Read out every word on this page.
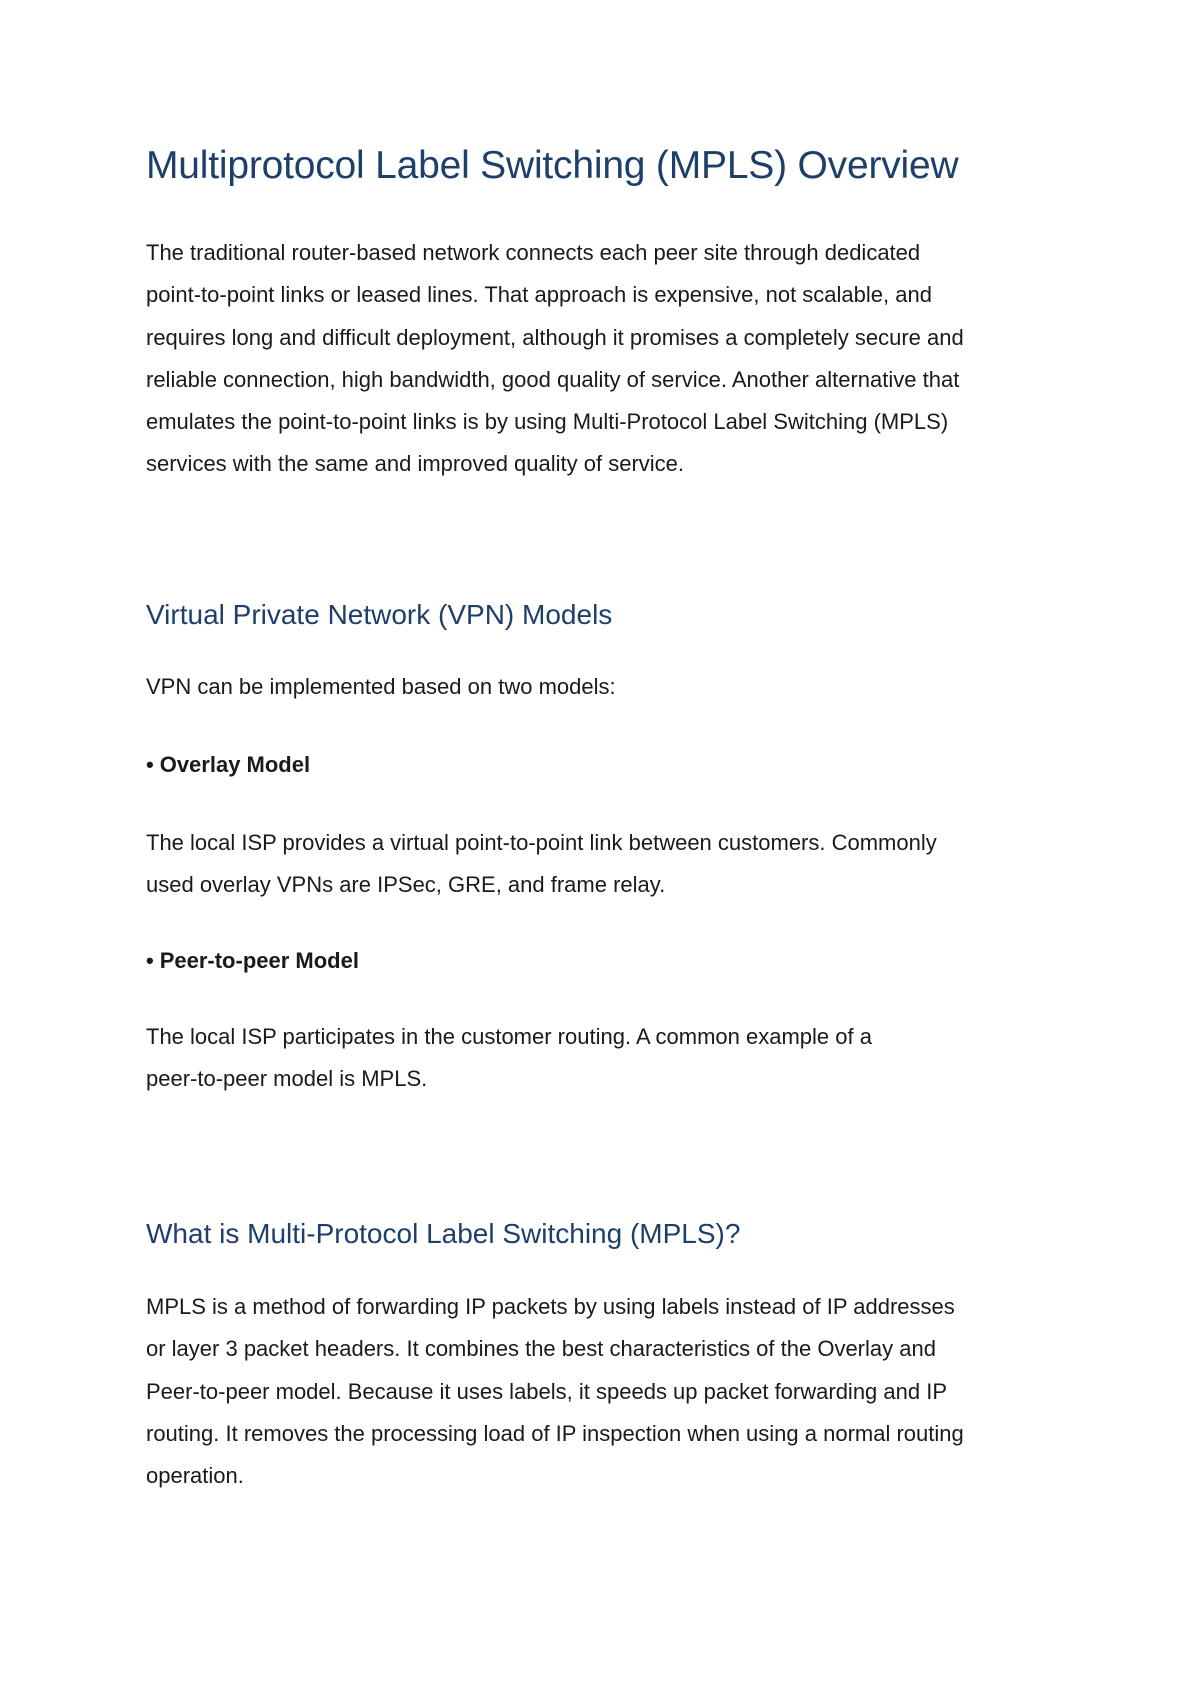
Multiprotocol Label Switching (MPLS) Overview

The traditional router-based network connects each peer site through dedicated
point-to-point links or leased lines. That approach is expensive, not scalable, and
requires long and difficult deployment, although it promises a completely secure and
reliable connection, high bandwidth, good quality of service. Another alternative that
emulates the point-to-point links is by using Multi-Protocol Label Switching (MPLS)
services with the same and improved quality of service.

Virtual Private Network (VPN) Models

VPN can be implemented based on two models:

• Overlay Model

The local ISP provides a virtual point-to-point link between customers. Commonly
used overlay VPNs are IPSec, GRE, and frame relay.

• Peer-to-peer Model

The local ISP participates in the customer routing. A common example of a
peer-to-peer model is MPLS.

What is Multi-Protocol Label Switching (MPLS)?

MPLS is a method of forwarding IP packets by using labels instead of IP addresses
or layer 3 packet headers. It combines the best characteristics of the Overlay and
Peer-to-peer model. Because it uses labels, it speeds up packet forwarding and IP
routing. It removes the processing load of IP inspection when using a normal routing
operation.
